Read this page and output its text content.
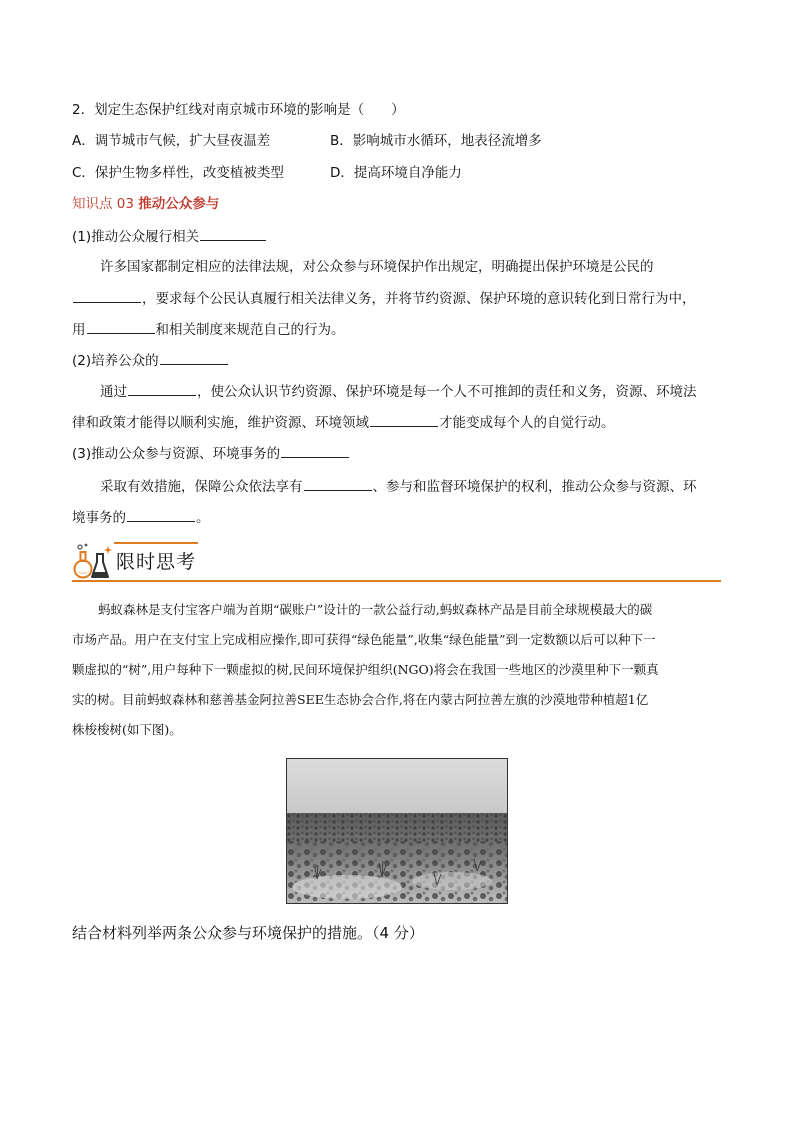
2．划定生态保护红线对南京城市环境的影响是（　　）
A．调节城市气候，扩大昼夜温差	B．影响城市水循环，地表径流增多
C．保护生物多样性，改变植被类型	D．提高环境自净能力
知识点 03 推动公众参与
(1)推动公众履行相关
许多国家都制定相应的法律法规，对公众参与环境保护作出规定，明确提出保护环境是公民的
，要求每个公民认真履行相关法律义务，并将节约资源、保护环境的意识转化到日常行为中，
用	和相关制度来规范自己的行为。
(2)培养公众的
通过	，使公众认识节约资源、保护环境是每一个人不可推卸的责任和义务，资源、环境法
律和政策才能得以顺利实施，维护资源、环境领域	才能变成每个人的自觉行动。
(3)推动公众参与资源、环境事务的
采取有效措施，保障公众依法享有	、参与和监督环境保护的权利，推动公众参与资源、环
境事务的	。
限时思考
蚂蚁森林是支付宝客户端为首期“碳账户”设计的一款公益行动,蚂蚁森林产品是目前全球规模最大的碳
市场产品。用户在支付宝上完成相应操作,即可获得“绿色能量”,收集“绿色能量”到一定数额以后可以种下一
颗虚拟的“树”,用户每种下一颗虚拟的树,民间环境保护组织(NGO)将会在我国一些地区的沙漠里种下一颗真
实的树。目前蚂蚁森林和慈善基金阿拉善SEE生态协会合作,将在内蒙古阿拉善左旗的沙漠地带种植超1亿
株梭梭树(如下图)。
结合材料列举两条公众参与环境保护的措施。（4 分）
